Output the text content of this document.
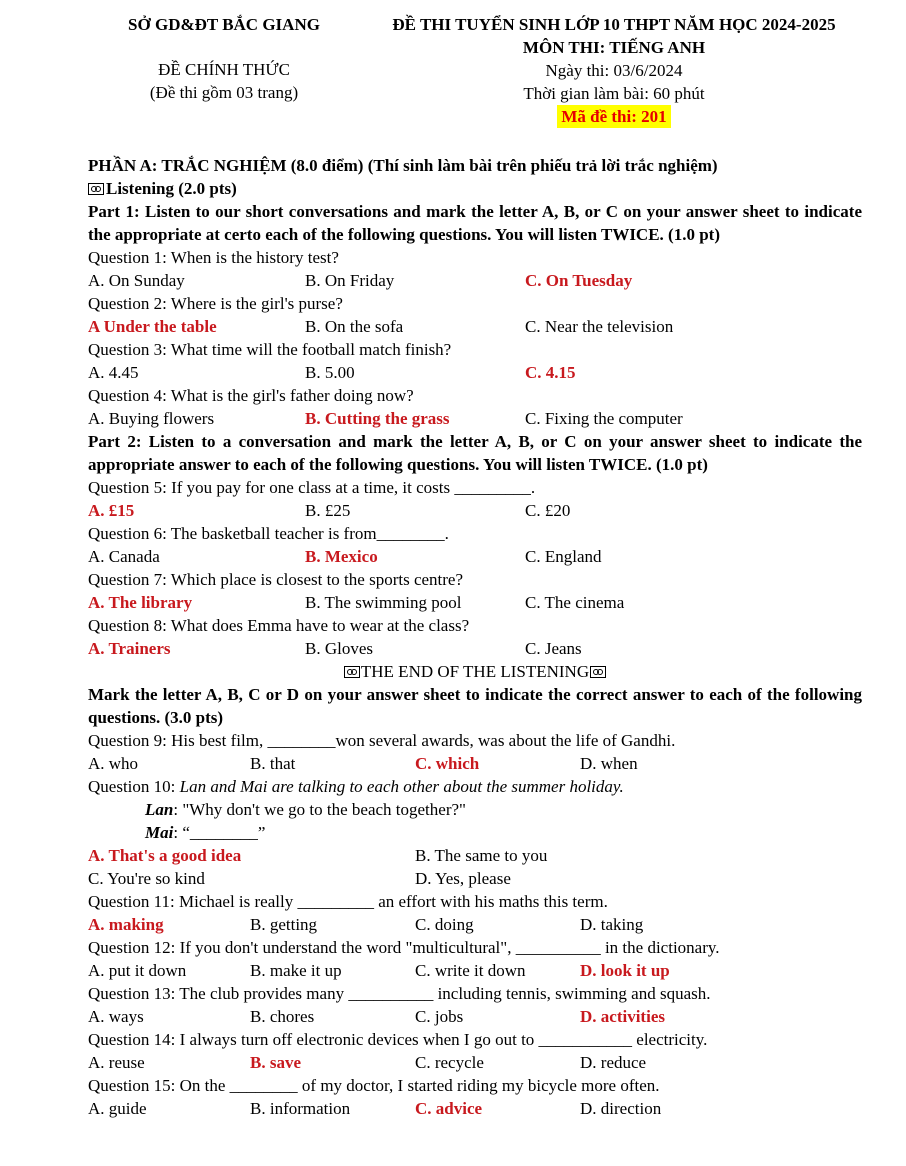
SỞ GD&ĐT BẮC GIANG
ĐỀ CHÍNH THỨC
(Đề thi gồm 03 trang)
ĐỀ THI TUYỂN SINH LỚP 10 THPT NĂM HỌC 2024-2025
MÔN THI: TIẾNG ANH
Ngày thi: 03/6/2024
Thời gian làm bài: 60 phút
Mã đề thi: 201
PHẦN A: TRẮC NGHIỆM (8.0 điểm) (Thí sinh làm bài trên phiếu trả lời trắc nghiệm)
Listening (2.0 pts)
Part 1: Listen to our short conversations and mark the letter A, B, or C on your answer sheet to indicate the appropriate at certo each of the following questions. You will listen TWICE. (1.0 pt)
Question 1: When is the history test?
A. On Sunday	B. On Friday	C. On Tuesday
Question 2: Where is the girl's purse?
A Under the table	B. On the sofa	C. Near the television
Question 3: What time will the football match finish?
A. 4.45	B. 5.00	C. 4.15
Question 4: What is the girl's father doing now?
A. Buying flowers	B. Cutting the grass	C. Fixing the computer
Part 2: Listen to a conversation and mark the letter A, B, or C on your answer sheet to indicate the appropriate answer to each of the following questions. You will listen TWICE. (1.0 pt)
Question 5: If you pay for one class at a time, it costs _________.
A. £15	B. £25	C. £20
Question 6: The basketball teacher is from________.
A. Canada	B. Mexico	C. England
Question 7: Which place is closest to the sports centre?
A. The library	B. The swimming pool	C. The cinema
Question 8: What does Emma have to wear at the class?
A. Trainers	B. Gloves	C. Jeans
THE END OF THE LISTENING
Mark the letter A, B, C or D on your answer sheet to indicate the correct answer to each of the following questions. (3.0 pts)
Question 9: His best film, ________won several awards, was about the life of Gandhi.
A. who	B. that	C. which	D. when
Question 10: Lan and Mai are talking to each other about the summer holiday.
Lan: "Why don't we go to the beach together?"
Mai: “________”
A. That's a good idea	B. The same to you
C. You're so kind	D. Yes, please
Question 11: Michael is really _________ an effort with his maths this term.
A. making	B. getting	C. doing	D. taking
Question 12: If you don't understand the word "multicultural", __________ in the dictionary.
A. put it down	B. make it up	C. write it down	D. look it up
Question 13: The club provides many __________ including tennis, swimming and squash.
A. ways	B. chores	C. jobs	D. activities
Question 14: I always turn off electronic devices when I go out to ___________ electricity.
A. reuse	B. save	C. recycle	D. reduce
Question 15: On the ________ of my doctor, I started riding my bicycle more often.
A. guide	B. information	C. advice	D. direction
